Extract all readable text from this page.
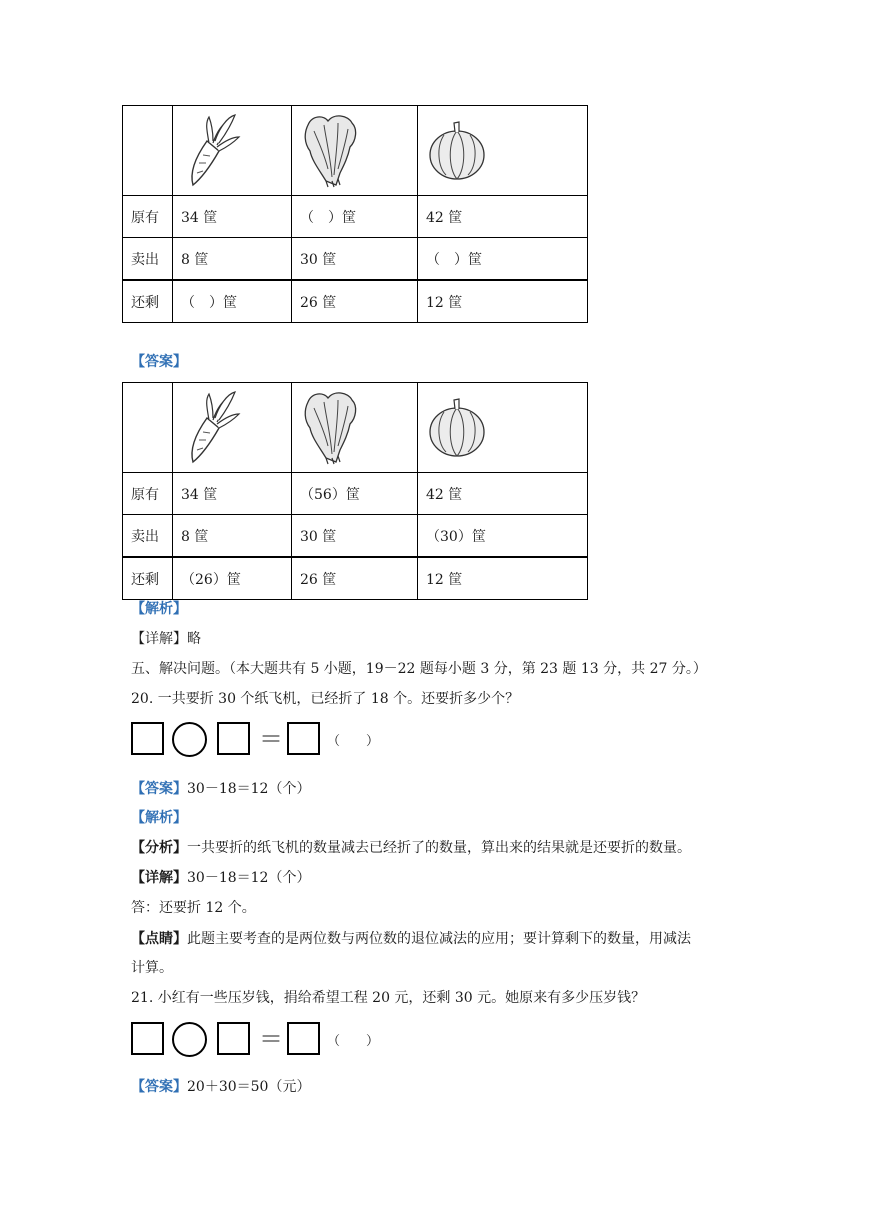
原有	34 筐	（　）筐	42 筐
卖出	8 筐	30 筐	（　）筐
还剩	（　）筐	26 筐	12 筐
【答案】

原有	34 筐	（56）筐	42 筐
卖出	8 筐	30 筐	（30）筐
还剩	（26）筐	26 筐	12 筐
【解析】
【详解】略
五、解决问题。（本大题共有 5 小题，19－22 题每小题 3 分，第 23 题 13 分，共 27 分。）
20. 一共要折 30 个纸飞机，已经折了 18 个。还要折多少个？
＝	（　　）
【答案】30－18＝12（个）
【解析】
【分析】一共要折的纸飞机的数量减去已经折了的数量，算出来的结果就是还要折的数量。
【详解】30－18＝12（个）
答：还要折 12 个。
【点睛】此题主要考查的是两位数与两位数的退位减法的应用；要计算剩下的数量，用减法
计算。
21. 小红有一些压岁钱，捐给希望工程 20 元，还剩 30 元。她原来有多少压岁钱？
＝	（　　）
【答案】20＋30＝50（元）
